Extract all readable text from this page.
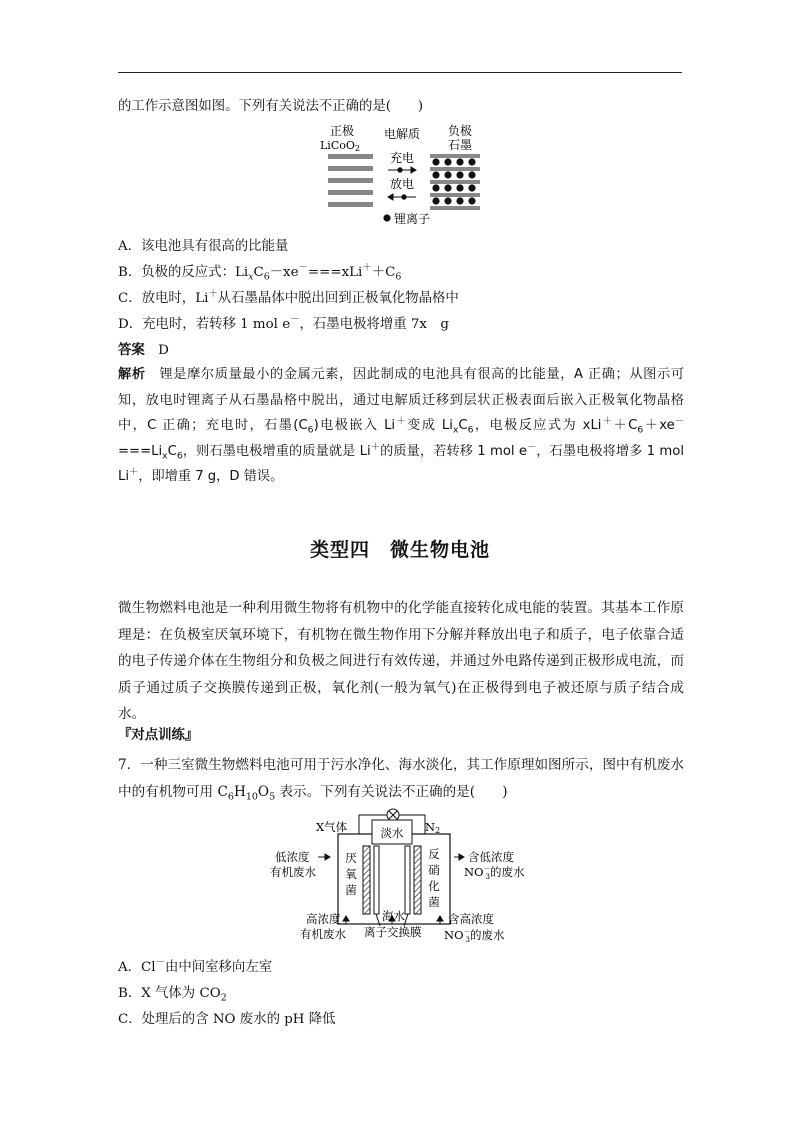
的工作示意图如图。下列有关说法不正确的是(　　)
正极
LiCoO2
电解质 负极
石墨
充电
放电
锂离子
A．该电池具有很高的比能量
B．负极的反应式：$Li_xC_6-xe^-===xLi^++C_6$
C．放电时，Li＋从石墨晶体中脱出回到正极氧化物晶格中
D．充电时，若转移 1 mol e－，石墨电极将增重 7x　g
答案　 D
解析　 锂是摩尔质量最小的金属元素，因此制成的电池具有很高的比能量，A 正确；从图示可知，放电时锂离子从石墨晶格中脱出，通过电解质迁移到层状正极表面后嵌入正极氧化物晶格中，C 正确；充电时，石墨$(C_6)$电极嵌入 Li＋变成 $Li_xC_6$，电极反应式为 $xLi^++C_6+xe^-===Li_xC_6$，则石墨电极增重的质量就是 Li＋的质量，若转移 1 mol e－，石墨电极将增多 1 mol Li＋，即增重 7 g，D 错误。
类型四　微生物电池
微生物燃料电池是一种利用微生物将有机物中的化学能直接转化成电能的装置。其基本工作原理是：在负极室厌氧环境下，有机物在微生物作用下分解并释放出电子和质子，电子依靠合适的电子传递介体在生物组分和负极之间进行有效传递，并通过外电路传递到正极形成电流，而质子通过质子交换膜传递到正极，氧化剂(一般为氧气)在正极得到电子被还原与质子结合成水。
『对点训练』
7．一种三室微生物燃料电池可用于污水净化、海水淡化，其工作原理如图所示，图中有机废水中的有机物可用 $C_6H_{10}O_5$ 表示。下列有关说法不正确的是(　　)
淡水
X气体	N2
低浓度
有机废水
厌
氧
菌
反
硝
化
菌
含低浓度
NO－ 3的废水
高浓度
有机废水
海水
离子交换膜
含高浓度
NO－ 3的废水
A．Cl－由中间室移向左室
B．X 气体为 $CO_2$
C．处理后的含 NO 废水的 pH 降低
